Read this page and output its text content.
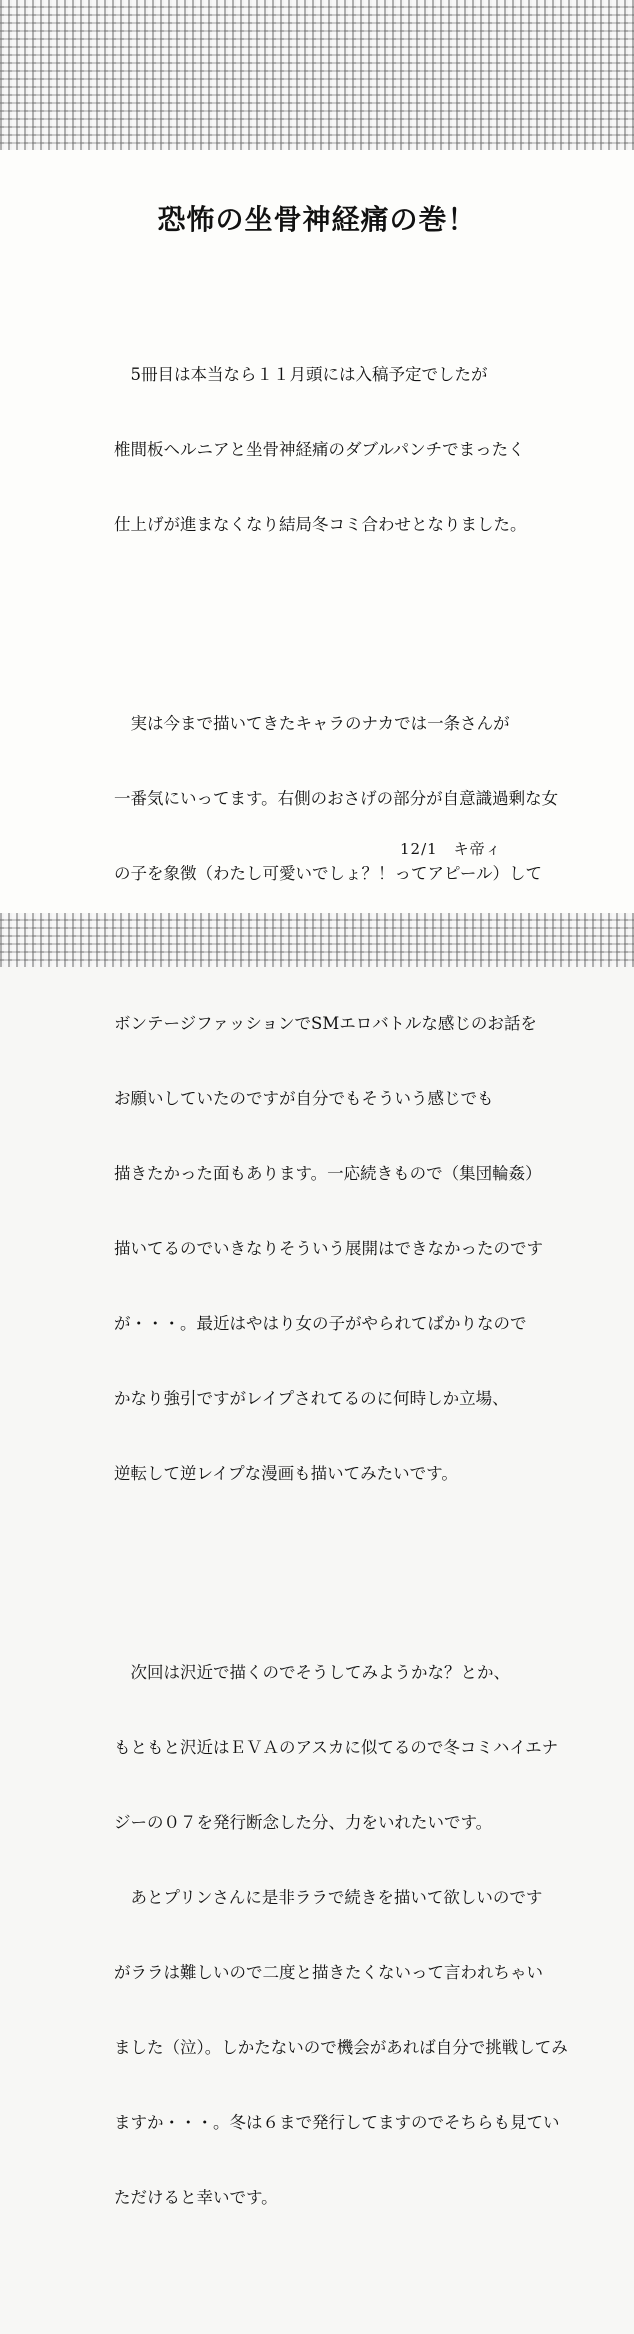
恐怖の坐骨神経痛の巻！

　5冊目は本当なら１１月頭には入稿予定でしたが

椎間板ヘルニアと坐骨神経痛のダブルパンチでまったく

仕上げが進まなくなり結局冬コミ合わせとなりました。

　実は今まで描いてきたキャラのナカでは一条さんが

一番気にいってます。右側のおさげの部分が自意識過剰な女

の子を象徴（わたし可愛いでしょ？！ってアピール）して

ボンテージファッションでSMエロバトルな感じのお話を

お願いしていたのですが自分でもそういう感じでも

描きたかった面もあります。一応続きもので（集団輪姦）

描いてるのでいきなりそういう展開はできなかったのです

が・・・。最近はやはり女の子がやられてばかりなので

かなり強引ですがレイプされてるのに何時しか立場、

逆転して逆レイプな漫画も描いてみたいです。

　次回は沢近で描くのでそうしてみようかな？とか、

もともと沢近はＥＶＡのアスカに似てるので冬コミハイエナ

ジーの０７を発行断念した分、力をいれたいです。

　あとプリンさんに是非ララで続きを描いて欲しいのです

がララは難しいので二度と描きたくないって言われちゃい

ました（泣）。しかたないので機会があれば自分で挑戦してみ

ますか・・・。冬は６まで発行してますのでそちらも見てい

ただけると幸いです。

12/1　キ帝ィ
